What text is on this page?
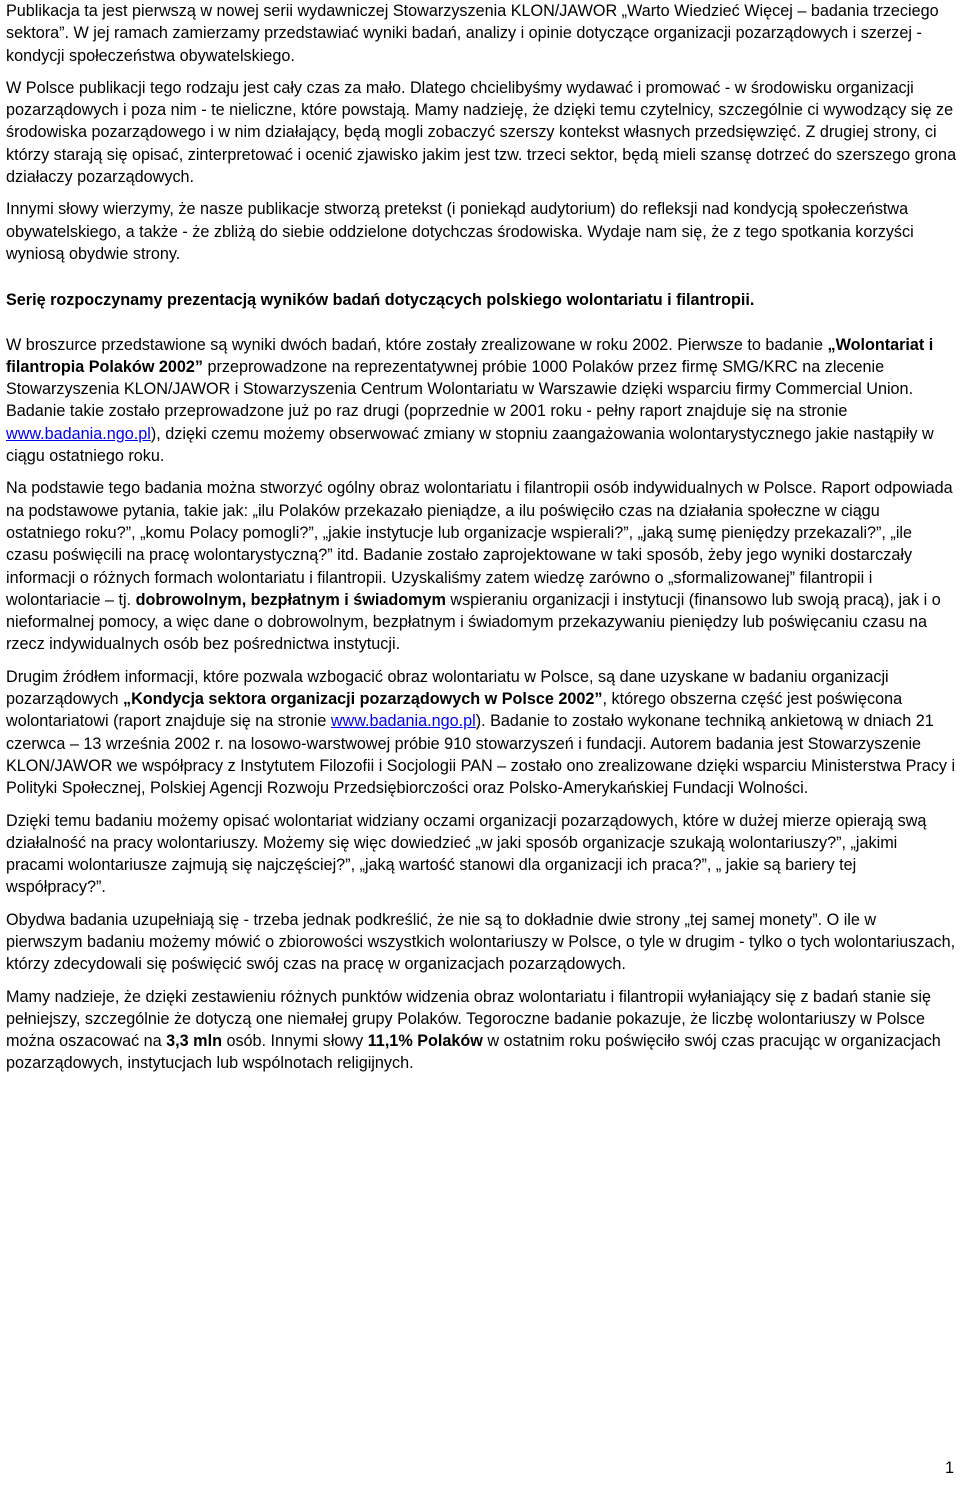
Publikacja ta jest pierwszą w nowej serii wydawniczej Stowarzyszenia KLON/JAWOR „Warto Wiedzieć Więcej – badania trzeciego sektora”. W jej ramach zamierzamy przedstawiać wyniki badań, analizy i opinie dotyczące organizacji pozarządowych i szerzej - kondycji społeczeństwa obywatelskiego.

W Polsce publikacji tego rodzaju jest cały czas za mało. Dlatego chcielibyśmy wydawać i promować - w środowisku organizacji pozarządowych i poza nim - te nieliczne, które powstają. Mamy nadzieję, że dzięki temu czytelnicy, szczególnie ci wywodzący się ze środowiska pozarządowego i w nim działający, będą mogli zobaczyć szerszy kontekst własnych przedsięwzięć. Z drugiej strony, ci którzy starają się opisać, zinterpretować i ocenić zjawisko jakim jest tzw. trzeci sektor, będą mieli szansę dotrzeć do szerszego grona działaczy pozarządowych.

Innymi słowy wierzymy, że nasze publikacje stworzą pretekst (i poniekąd audytorium) do refleksji nad kondycją społeczeństwa obywatelskiego, a także - że zbliżą do siebie oddzielone dotychczas środowiska. Wydaje nam się, że z tego spotkania korzyści wyniosą obydwie strony.

Serię rozpoczynamy prezentacją wyników badań dotyczących polskiego wolontariatu i filantropii.

W broszurce przedstawione są wyniki dwóch badań, które zostały zrealizowane w roku 2002. Pierwsze to badanie „Wolontariat i filantropia Polaków 2002” przeprowadzone na reprezentatywnej próbie 1000 Polaków przez firmę SMG/KRC na zlecenie Stowarzyszenia KLON/JAWOR i Stowarzyszenia Centrum Wolontariatu w Warszawie dzięki wsparciu firmy Commercial Union. Badanie takie zostało przeprowadzone już po raz drugi (poprzednie w 2001 roku - pełny raport znajduje się na stronie www.badania.ngo.pl), dzięki czemu możemy obserwować zmiany w stopniu zaangażowania wolontarystycznego jakie nastąpiły w ciągu ostatniego roku.

Na podstawie tego badania można stworzyć ogólny obraz wolontariatu i filantropii osób indywidualnych w Polsce. Raport odpowiada na podstawowe pytania, takie jak: „ilu Polaków przekazało pieniądze, a ilu poświęciło czas na działania społeczne w ciągu ostatniego roku?”, „komu Polacy pomogli?”, „jakie instytucje lub organizacje wspierali?”, „jaką sumę pieniędzy przekazali?”, „ile czasu poświęcili na pracę wolontarystyczną?” itd. Badanie zostało zaprojektowane w taki sposób, żeby jego wyniki dostarczały informacji o różnych formach wolontariatu i filantropii. Uzyskaliśmy zatem wiedzę zarówno o „sformalizowanej” filantropii i wolontariacie – tj. dobrowolnym, bezpłatnym i świadomym wspieraniu organizacji i instytucji (finansowo lub swoją pracą), jak i o nieformalnej pomocy, a więc dane o dobrowolnym, bezpłatnym i świadomym przekazywaniu pieniędzy lub poświęcaniu czasu na rzecz indywidualnych osób bez pośrednictwa instytucji.

Drugim źródłem informacji, które pozwala wzbogacić obraz wolontariatu w Polsce, są dane uzyskane w badaniu organizacji pozarządowych „Kondycja sektora organizacji pozarządowych w Polsce 2002”, którego obszerna część jest poświęcona wolontariatowi (raport znajduje się na stronie www.badania.ngo.pl). Badanie to zostało wykonane techniką ankietową w dniach 21 czerwca – 13 września 2002 r. na losowo-warstwowej próbie 910 stowarzyszeń i fundacji. Autorem badania jest Stowarzyszenie KLON/JAWOR we współpracy z Instytutem Filozofii i Socjologii PAN – zostało ono zrealizowane dzięki wsparciu Ministerstwa Pracy i Polityki Społecznej, Polskiej Agencji Rozwoju Przedsiębiorczości oraz Polsko-Amerykańskiej Fundacji Wolności.

Dzięki temu badaniu możemy opisać wolontariat widziany oczami organizacji pozarządowych, które w dużej mierze opierają swą działalność na pracy wolontariuszy. Możemy się więc dowiedzieć „w jaki sposób organizacje szukają wolontariuszy?”, „jakimi pracami wolontariusze zajmują się najczęściej?”, „jaką wartość stanowi dla organizacji ich praca?”, „ jakie są bariery tej współpracy?”.

Obydwa badania uzupełniają się - trzeba jednak podkreślić, że nie są to dokładnie dwie strony „tej samej monety”. O ile w pierwszym badaniu możemy mówić o zbiorowości wszystkich wolontariuszy w Polsce, o tyle w drugim - tylko o tych wolontariuszach, którzy zdecydowali się poświęcić swój czas na pracę w organizacjach pozarządowych.

Mamy nadzieje, że dzięki zestawieniu różnych punktów widzenia obraz wolontariatu i filantropii wyłaniający się z badań stanie się pełniejszy, szczególnie że dotyczą one niemałej grupy Polaków. Tegoroczne badanie pokazuje, że liczbę wolontariuszy w Polsce można oszacować na 3,3 mln osób. Innymi słowy 11,1% Polaków w ostatnim roku poświęciło swój czas pracując w organizacjach pozarządowych, instytucjach lub wspólnotach religijnych.

1
